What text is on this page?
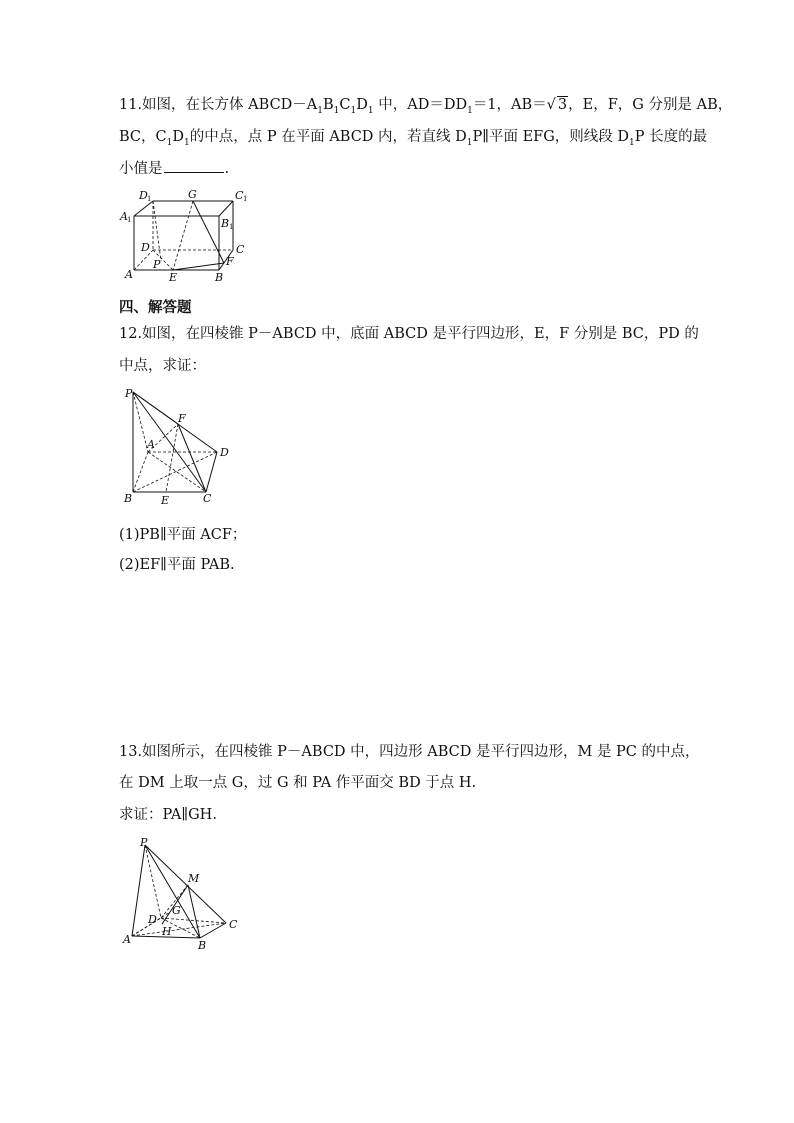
11.如图，在长方体 $ABCD-A_1B_1C_1D_1$ 中，$AD=DD_1=1$，AB＝√ 3，E，F，G 分别是 AB，
BC，$C_1D_1$的中点，点 P 在平面 ABCD 内，若直线 $D_1P\parallel$平面 EFG，则线段 $D_1P$ 长度的最
小值是	.
D 1	G	C 1
A 1	B 1
D	C
P	F
A	E	B
四、解答题
12.如图，在四棱锥 P－ABCD 中，底面 ABCD 是平行四边形，E，F 分别是 BC，PD 的
中点，求证：
P
F
A
D
B	E	C
(1)PB∥平面 ACF；
(2)EF∥平面 PAB.
13.如图所示，在四棱锥 P－ABCD 中，四边形 ABCD 是平行四边形，M 是 PC 的中点，
在 DM 上取一点 G，过 G 和 PA 作平面交 BD 于点 H.
求证：PA∥GH.
P
M
G
D	C
A
H
B
